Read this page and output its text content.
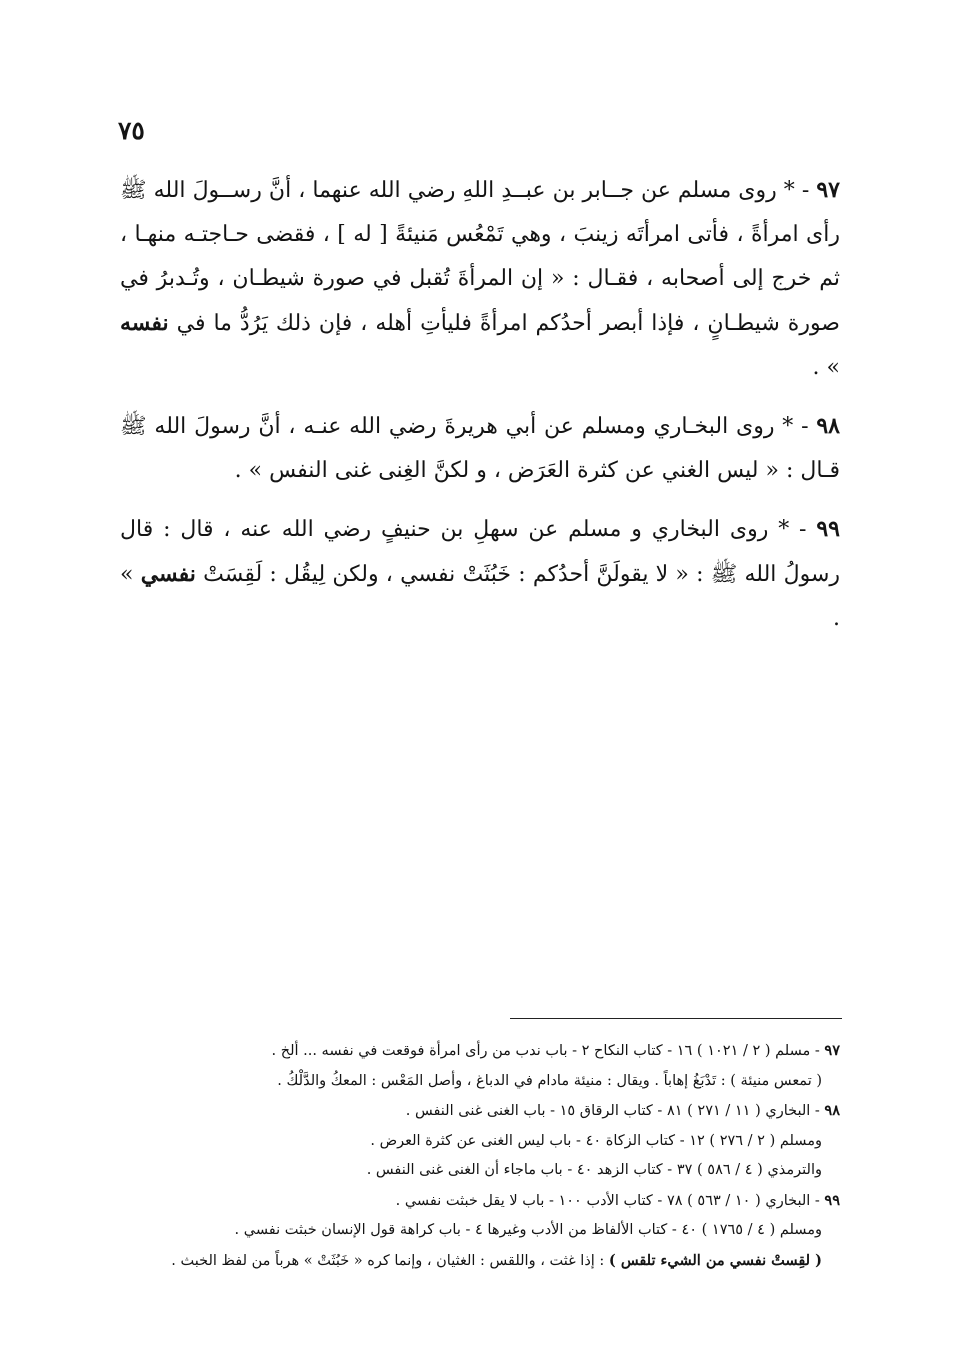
٧٥

٩٧ - * روى مسلم عن جــابر بن عبــدِ اللهِ رضي الله عنهما ، أنَّ رســولَ الله ﷺ رأى امرأةً ، فأتى امرأتَه زينبَ ، وهي تَمْعُس مَنيئةً [ له ] ، فقضى حـاجتـه منهـا ، ثم خرج إلى أصحابه ، فقـال : « إن المرأةَ تُقبل في صورة شيطـان ، وتُـدبرُ في صورة شيطـانٍ ، فإذا أبصر أحدُكم امرأةً فليأتِ أهله ، فإن ذلك يَرُدُّ ما في نفسه » .

٩٨ - * روى البخـاري ومسلم عن أبي هريرةَ رضي الله عنـه ، أنَّ رسولَ الله ﷺ قـال : « ليس الغني عن كثرة العَرَض ، و لكنَّ الغِنى غنى النفس » .

٩٩ - * روى البخاري و مسلم عن سهلِ بن حنيفٍ رضي الله عنه ، قال : قال رسولُ الله ﷺ : « لا يقولَنَّ أحدُكم : خَبُثَتْ نفسي ، ولكن لِيقُل : لَقِسَتْ نفسي » .

٩٧ - مسلم ( ٢ / ١٠٢١ ) ١٦ - كتاب النكاح ٢ - باب ندب من رأى امرأة فوقعت في نفسه ... ألخ .
( تمعس منيئة ) : تَدْبَغُ إهاباً . ويقال : منيئة مادام في الدباغ ، وأصل المَعْس : المعكُ والدَّلْكُ .
٩٨ - البخاري ( ١١ / ٢٧١ ) ٨١ - كتاب الرقاق ١٥ - باب الغنى غنى النفس .
ومسلم ( ٢ / ٢٧٦ ) ١٢ - كتاب الزكاة ٤٠ - باب ليس الغنى عن كثرة العرض .
والترمذي ( ٤ / ٥٨٦ ) ٣٧ - كتاب الزهد ٤٠ - باب ماجاء أن الغنى غنى النفس .
٩٩ - البخاري ( ١٠ / ٥٦٣ ) ٧٨ - كتاب الأدب ١٠٠ - باب لا يقل خبثت نفسي .
ومسلم ( ٤ / ١٧٦٥ ) ٤٠ - كتاب الألفاظ من الأدب وغيرها ٤ - باب كراهة قول الإنسان خبثت نفسي .
( لقِستْ نفسي من الشيء تلقس ) : إذا غثت ، واللقس : الغثيان ، وإنما كره « خَبُثَتْ » هرباً من لفظ الخبث .
